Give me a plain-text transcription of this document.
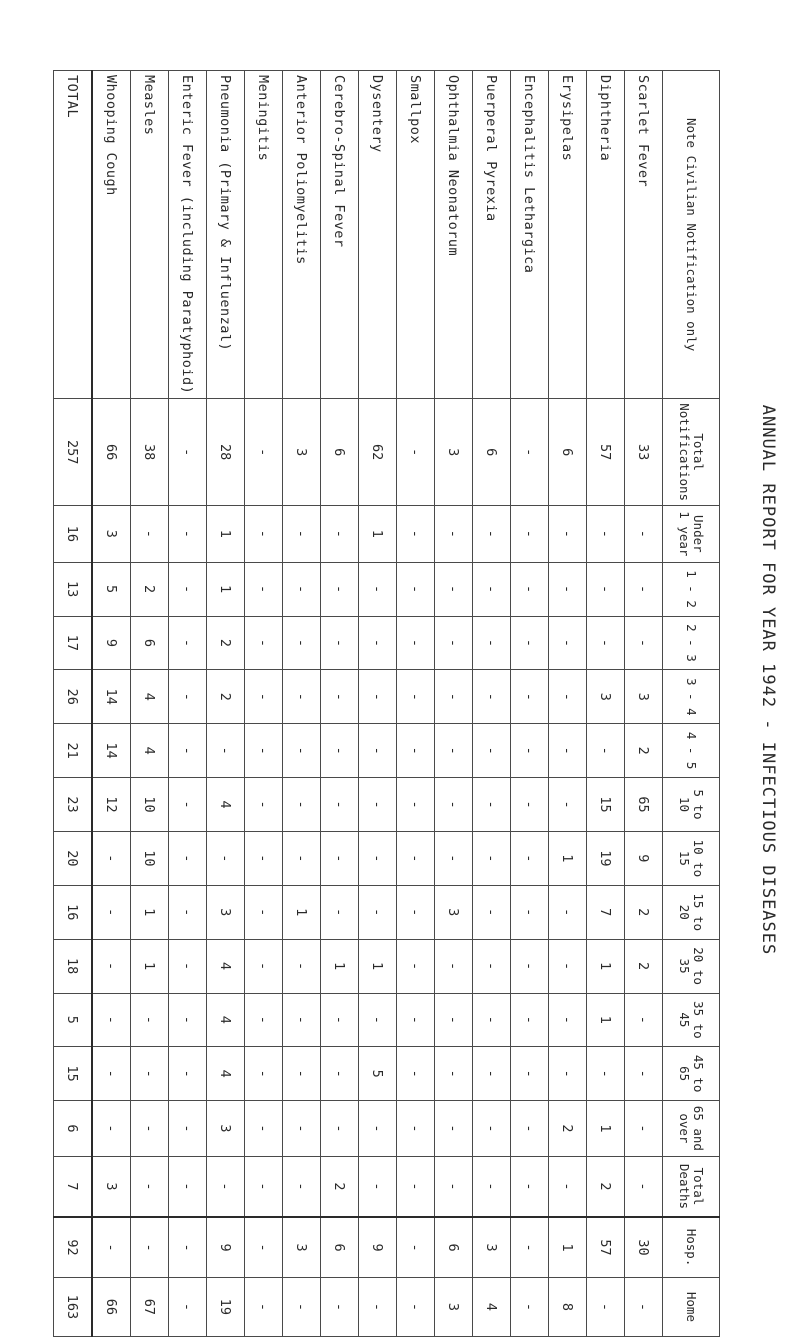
ANNUAL REPORT FOR YEAR 1942 - INFECTIOUS DISEASES
Note Civilian Notification only	Total Notifications	Under 1 year	1 - 2	2 - 3	3 - 4	4 - 5	5 to 10	10 to 15	15 to 20	20 to 35	35 to 45	45 to 65	65 and over	Total Deaths	Hosp.	Home
Scarlet Fever	33	-	-	-	3	2	65	9	2	2	-	-	-	-	30	-
Diphtheria	57	-	-	-	3	-	15	19	7	1	1	-	1	2	57	-
Erysipelas	6	-	-	-	-	-	-	1	-	-	-	-	2	-	1	8
Encephalitis Lethargica	-	-	-	-	-	-	-	-	-	-	-	-	-	-	-	-
Puerperal Pyrexia	6	-	-	-	-	-	-	-	-	-	-	-	-	-	3	4
Ophthalmia Neonatorum	3	-	-	-	-	-	-	-	3	-	-	-	-	-	6	3
Smallpox	-	-	-	-	-	-	-	-	-	-	-	-	-	-	-	-
Dysentery	62	1	-	-	-	-	-	-	-	1	-	5	-	-	9	-
Cerebro-Spinal Fever	6	-	-	-	-	-	-	-	-	1	-	-	-	2	6	-
Anterior Poliomyelitis	3	-	-	-	-	-	-	-	1	-	-	-	-	-	3	-
Meningitis	-	-	-	-	-	-	-	-	-	-	-	-	-	-	-	-
Pneumonia (Primary & Influenzal)	28	1	1	2	2	-	4	-	3	4	4	4	3	-	9	19
Enteric Fever (including Paratyphoid)	-	-	-	-	-	-	-	-	-	-	-	-	-	-	-	-
Measles	38	-	2	6	4	4	10	10	1	1	-	-	-	-	-	67
Whooping Cough	66	3	5	9	14	14	12	-	-	-	-	-	-	3	-	66
TOTAL	257	16	13	17	26	21	23	20	16	18	5	15	6	7	92	163
